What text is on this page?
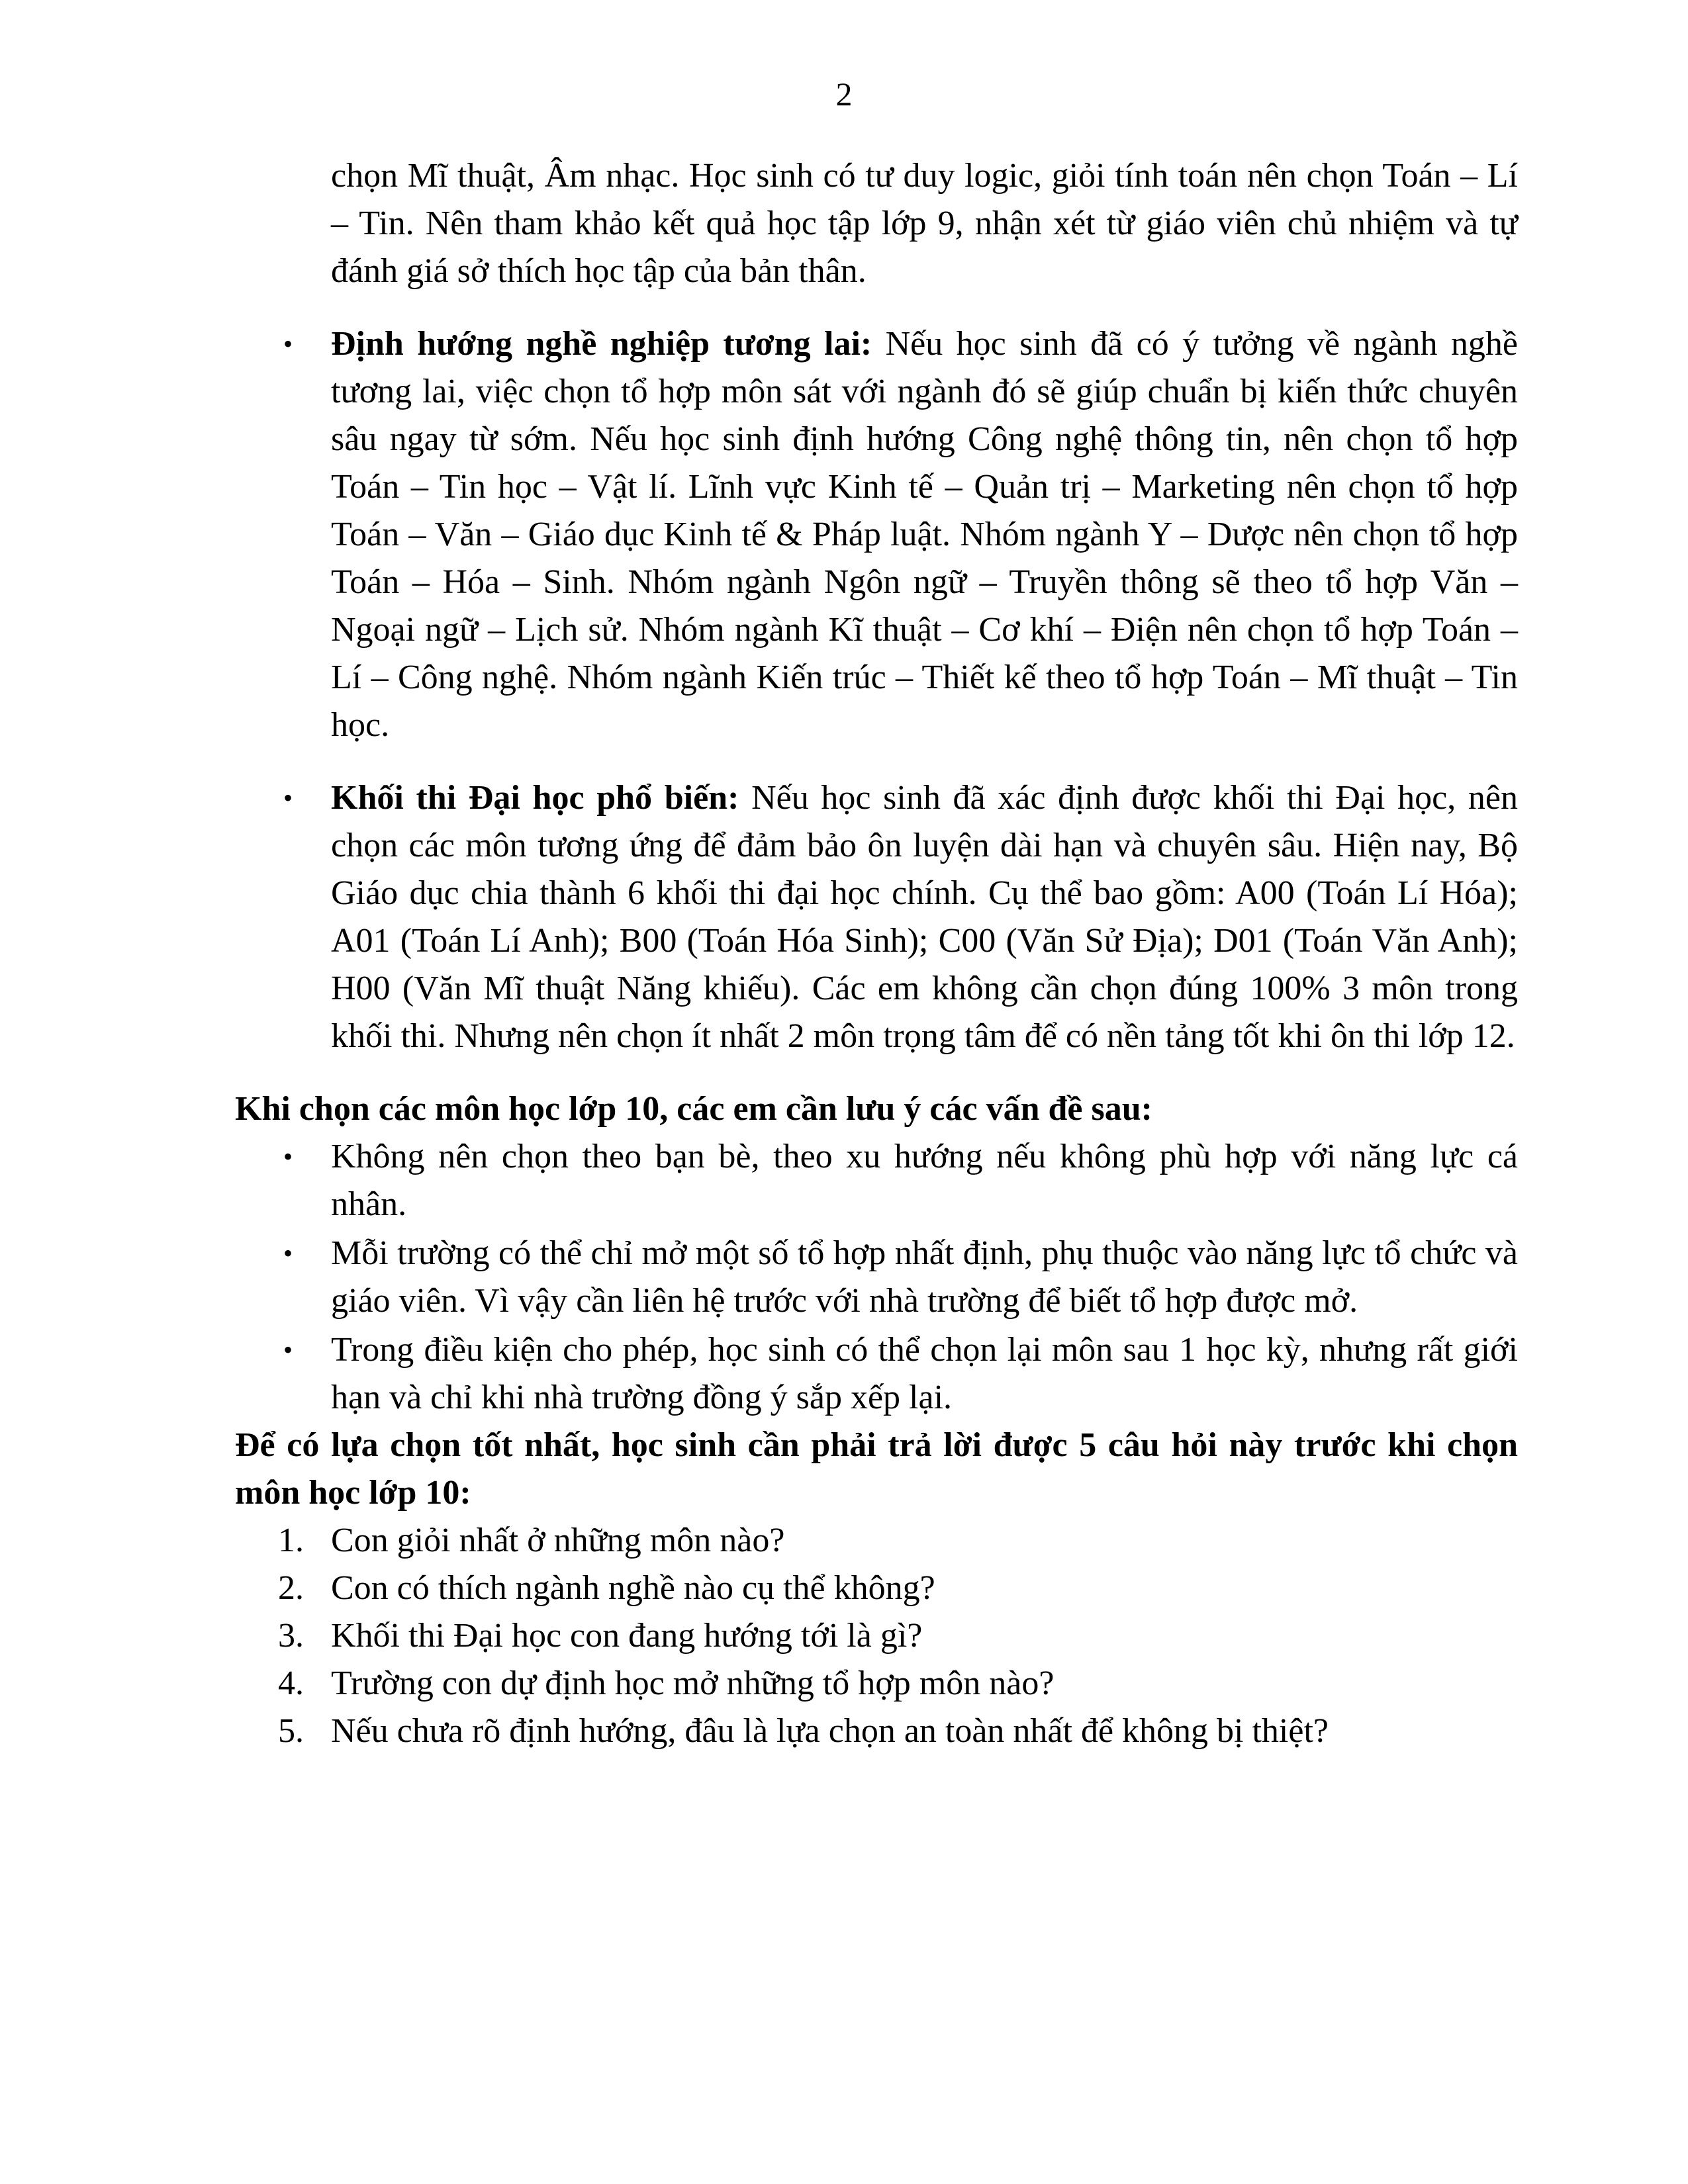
2

chọn Mĩ thuật, Âm nhạc. Học sinh có tư duy logic, giỏi tính toán nên chọn Toán – Lí – Tin. Nên tham khảo kết quả học tập lớp 9, nhận xét từ giáo viên chủ nhiệm và tự đánh giá sở thích học tập của bản thân.

• Định hướng nghề nghiệp tương lai: Nếu học sinh đã có ý tưởng về ngành nghề tương lai, việc chọn tổ hợp môn sát với ngành đó sẽ giúp chuẩn bị kiến thức chuyên sâu ngay từ sớm. Nếu học sinh định hướng Công nghệ thông tin, nên chọn tổ hợp Toán – Tin học – Vật lí. Lĩnh vực Kinh tế – Quản trị – Marketing nên chọn tổ hợp Toán – Văn – Giáo dục Kinh tế & Pháp luật. Nhóm ngành Y – Dược nên chọn tổ hợp Toán – Hóa – Sinh. Nhóm ngành Ngôn ngữ – Truyền thông sẽ theo tổ hợp Văn – Ngoại ngữ – Lịch sử. Nhóm ngành Kĩ thuật – Cơ khí – Điện nên chọn tổ hợp Toán – Lí – Công nghệ. Nhóm ngành Kiến trúc – Thiết kế theo tổ hợp Toán – Mĩ thuật – Tin học.
• Khối thi Đại học phổ biến: Nếu học sinh đã xác định được khối thi Đại học, nên chọn các môn tương ứng để đảm bảo ôn luyện dài hạn và chuyên sâu. Hiện nay, Bộ Giáo dục chia thành 6 khối thi đại học chính. Cụ thể bao gồm: A00 (Toán Lí Hóa); A01 (Toán Lí Anh); B00 (Toán Hóa Sinh); C00 (Văn Sử Địa); D01 (Toán Văn Anh); H00 (Văn Mĩ thuật Năng khiếu). Các em không cần chọn đúng 100% 3 môn trong khối thi. Nhưng nên chọn ít nhất 2 môn trọng tâm để có nền tảng tốt khi ôn thi lớp 12.

Khi chọn các môn học lớp 10, các em cần lưu ý các vấn đề sau:

• Không nên chọn theo bạn bè, theo xu hướng nếu không phù hợp với năng lực cá nhân.
• Mỗi trường có thể chỉ mở một số tổ hợp nhất định, phụ thuộc vào năng lực tổ chức và giáo viên. Vì vậy cần liên hệ trước với nhà trường để biết tổ hợp được mở.
• Trong điều kiện cho phép, học sinh có thể chọn lại môn sau 1 học kỳ, nhưng rất giới hạn và chỉ khi nhà trường đồng ý sắp xếp lại.

Để có lựa chọn tốt nhất, học sinh cần phải trả lời được 5 câu hỏi này trước khi chọn môn học lớp 10:

1. Con giỏi nhất ở những môn nào?
2. Con có thích ngành nghề nào cụ thể không?
3. Khối thi Đại học con đang hướng tới là gì?
4. Trường con dự định học mở những tổ hợp môn nào?
5. Nếu chưa rõ định hướng, đâu là lựa chọn an toàn nhất để không bị thiệt?
